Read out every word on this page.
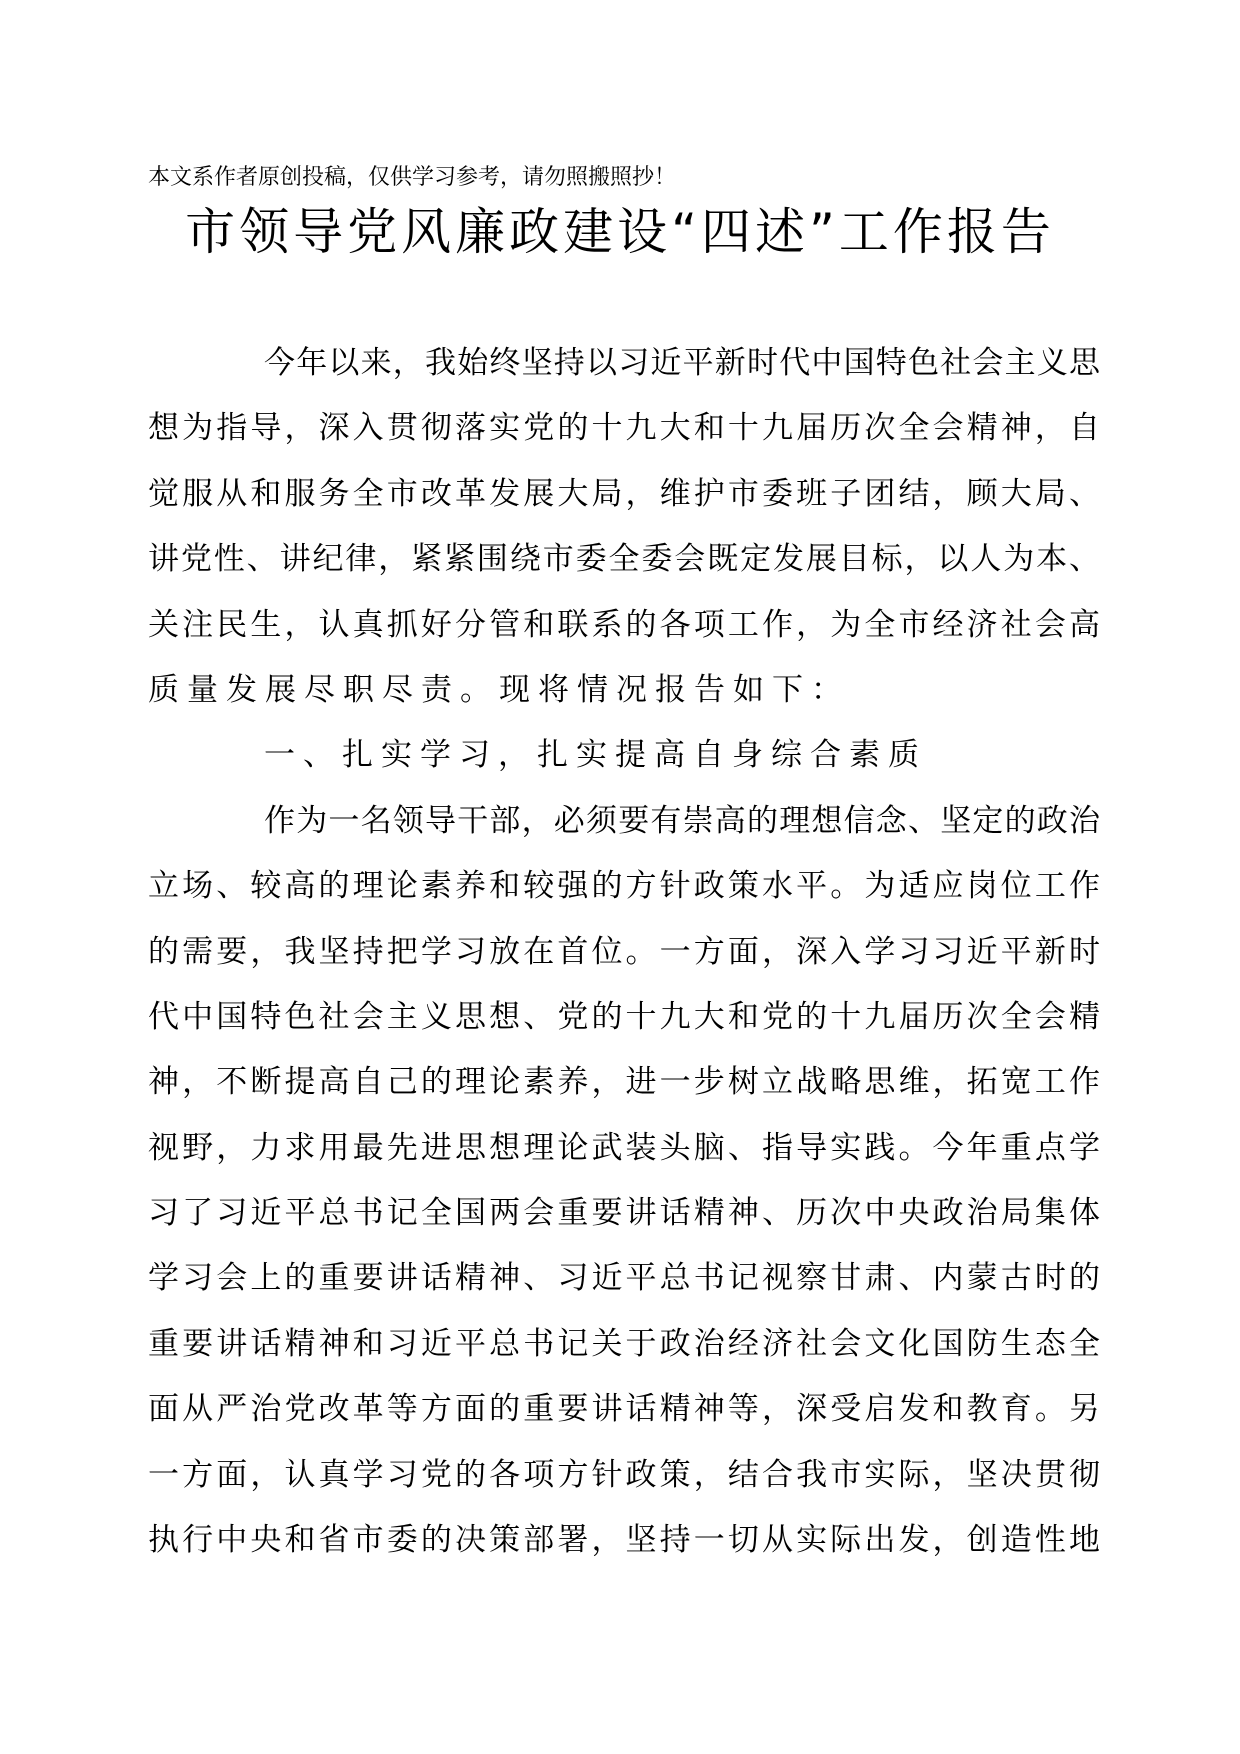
本文系作者原创投稿，仅供学习参考，请勿照搬照抄！
市领导党风廉政建设“四述”工作报告
今年以来，我始终坚持以习近平新时代中国特色社会主义思
想为指导，深入贯彻落实党的十九大和十九届历次全会精神，自
觉服从和服务全市改革发展大局，维护市委班子团结，顾大局、
讲党性、讲纪律，紧紧围绕市委全委会既定发展目标，以人为本、
关注民生，认真抓好分管和联系的各项工作，为全市经济社会高
质量发展尽职尽责。现将情况报告如下：
一、扎实学习，扎实提高自身综合素质
作为一名领导干部，必须要有崇高的理想信念、坚定的政治
立场、较高的理论素养和较强的方针政策水平。为适应岗位工作
的需要，我坚持把学习放在首位。一方面，深入学习习近平新时
代中国特色社会主义思想、党的十九大和党的十九届历次全会精
神，不断提高自己的理论素养，进一步树立战略思维，拓宽工作
视野，力求用最先进思想理论武装头脑、指导实践。今年重点学
习了习近平总书记全国两会重要讲话精神、历次中央政治局集体
学习会上的重要讲话精神、习近平总书记视察甘肃、内蒙古时的
重要讲话精神和习近平总书记关于政治经济社会文化国防生态全
面从严治党改革等方面的重要讲话精神等，深受启发和教育。另
一方面，认真学习党的各项方针政策，结合我市实际，坚决贯彻
执行中央和省市委的决策部署，坚持一切从实际出发，创造性地
